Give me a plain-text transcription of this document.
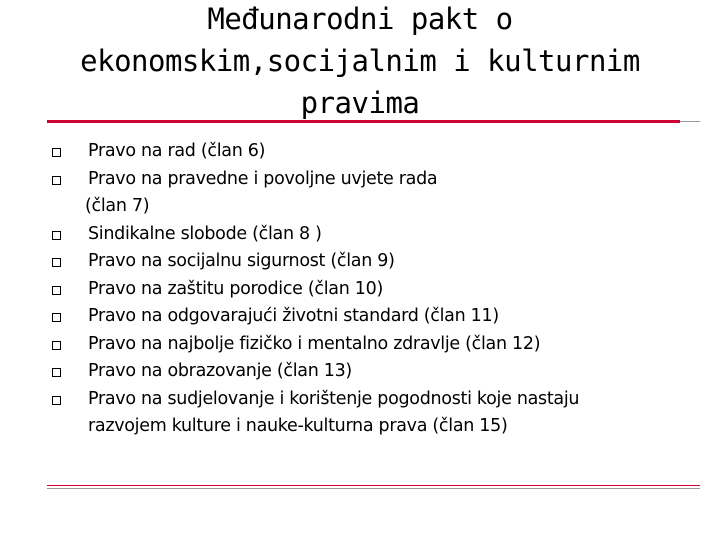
Međunarodni pakt o
ekonomskim,socijalnim i kulturnim
pravima
Pravo na rad (član 6)
Pravo na pravedne i povoljne uvjete rada
(član 7)
Sindikalne slobode (član 8 )
Pravo na socijalnu sigurnost (član 9)
Pravo na zaštitu porodice (član 10)
Pravo na odgovarajući životni standard (član 11)
Pravo na najbolje fizičko i mentalno zdravlje (član 12)
Pravo na obrazovanje (član 13)
Pravo na sudjelovanje i korištenje pogodnosti koje nastaju
razvojem kulture i nauke-kulturna prava (član 15)
